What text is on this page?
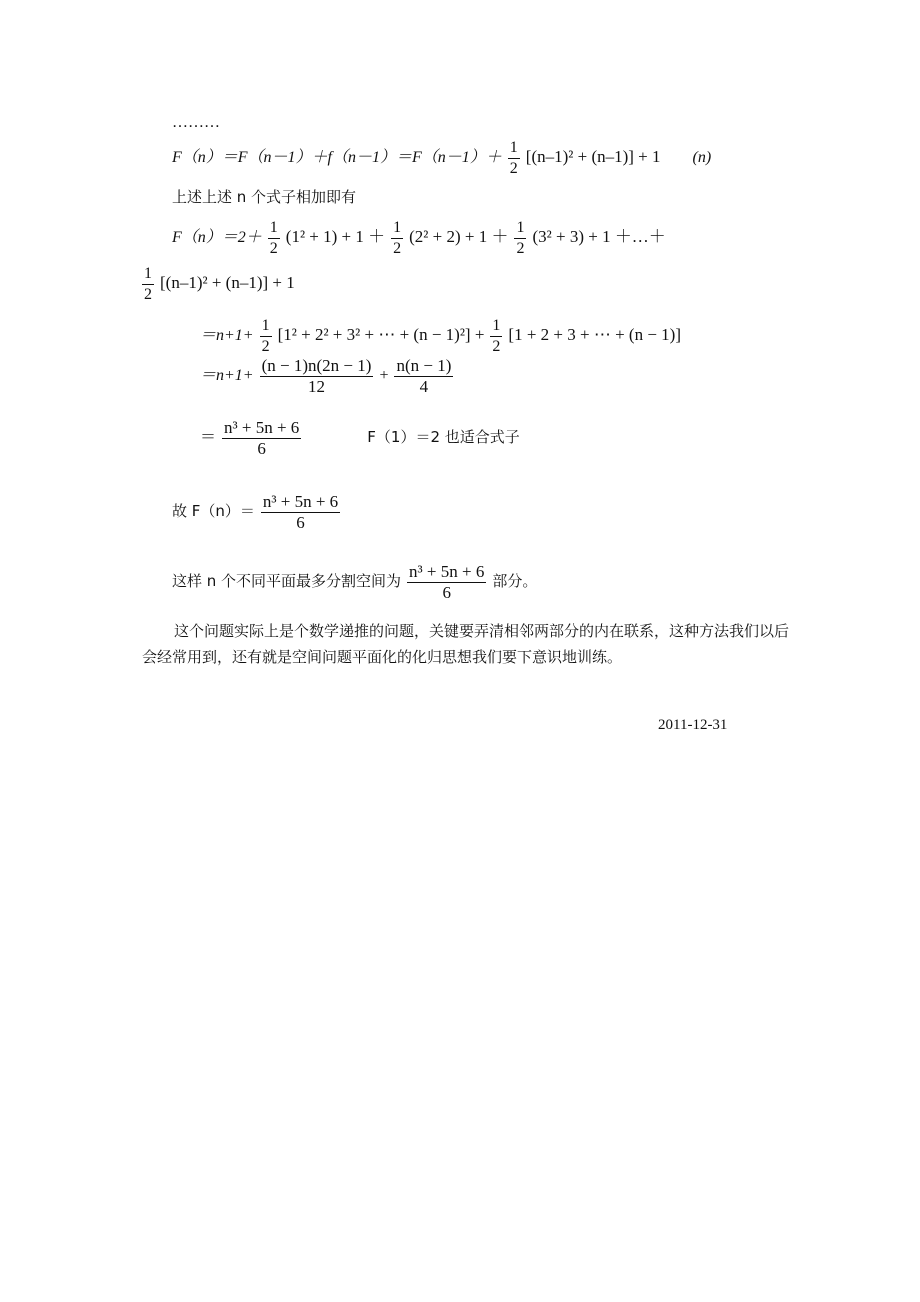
………
$F(n)=F(n-1)+f(n-1)=F(n-1)+ \frac{1}{2} [(n-1)^2 + (n-1)] + 1$ (n)
上述上述 n 个式子相加即有
$F(n)=2+ \frac{1}{2} (1^2 + 1) + 1 + \frac{1}{2} (2^2 + 2) + 1 + \frac{1}{2} (3^2 + 3) + 1$ ＋…＋
$\frac{1}{2} [(n-1)^2 + (n-1)] + 1$
$=n+1+ \frac{1}{2} [1^2 + 2^2 + 3^2$ + ⋯ + $(n - 1)^2] + \frac{1}{2} [1 + 2 + 3$ + ⋯ + (n − 1)]
$=n+1+ \frac{(n - 1)n(2n - 1)}{12} + \frac{n(n - 1)}{4}$
＝ $\frac{\text{n³ + 5n + 6}}{6}$	F（1）＝2 也适合式子
故 $F(n)= \frac{\text{n³ + 5n + 6}}{6}$
这样 n 个不同平面最多分割空间为 $\frac{\text{n³ + 5n + 6}}{6}$ 部分。
这个问题实际上是个数学递推的问题，关键要弄清相邻两部分的内在联系，这种方法我们以后会经常用到，还有就是空间问题平面化的化归思想我们要下意识地训练。
2011-12-31
